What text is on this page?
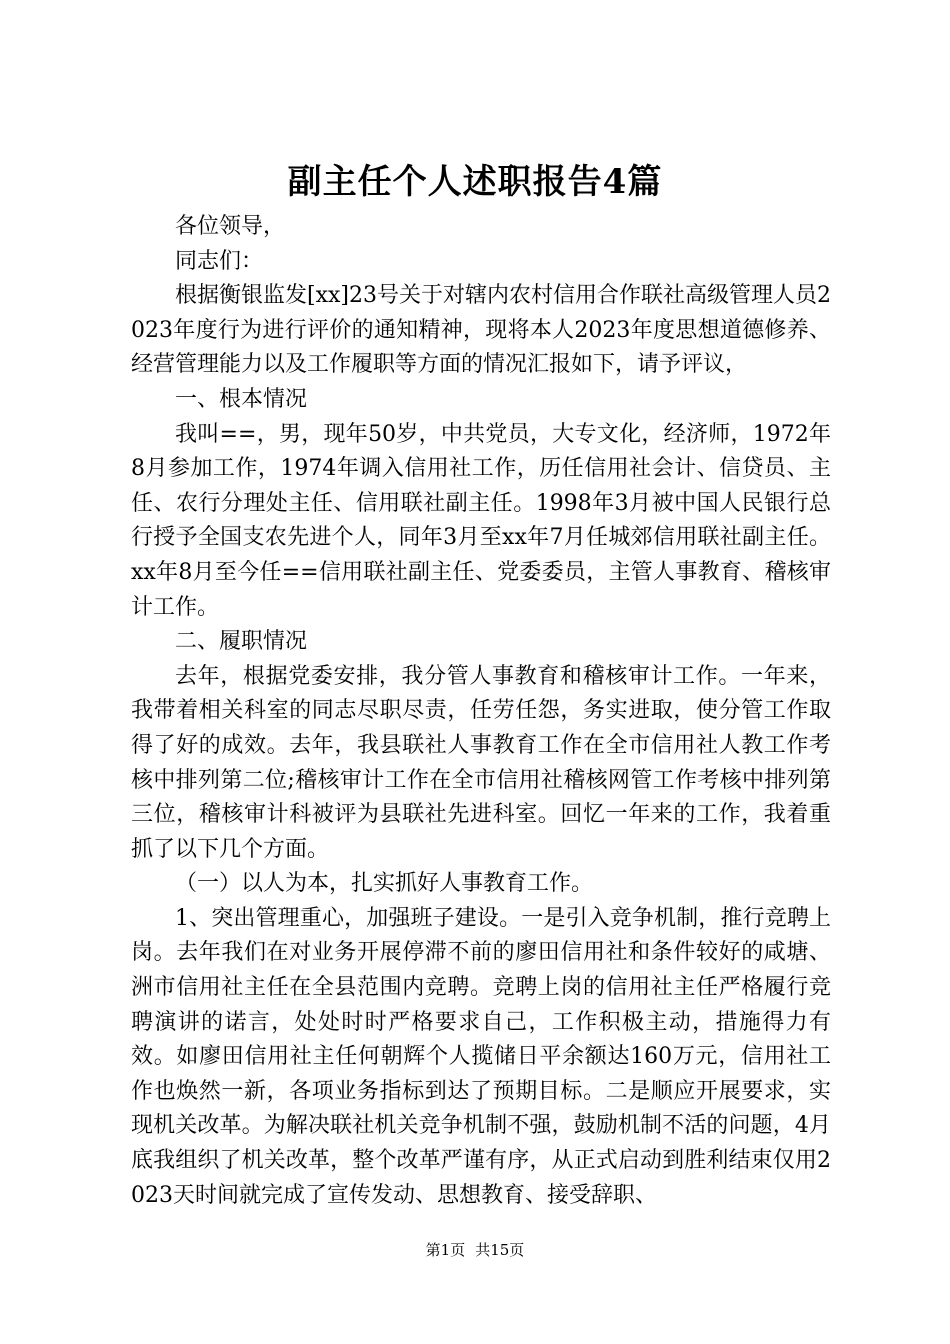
副主任个人述职报告4篇

各位领导，

同志们：

根据衡银监发[xx]23号关于对辖内农村信用合作联社高级管理人员2023年度行为进行评价的通知精神，现将本人2023年度思想道德修养、经营管理能力以及工作履职等方面的情况汇报如下，请予评议，

一、根本情况

我叫==，男，现年50岁，中共党员，大专文化，经济师，1972年8月参加工作，1974年调入信用社工作，历任信用社会计、信贷员、主任、农行分理处主任、信用联社副主任。1998年3月被中国人民银行总行授予全国支农先进个人，同年3月至xx年7月任城郊信用联社副主任。xx年8月至今任==信用联社副主任、党委委员，主管人事教育、稽核审计工作。

二、履职情况

去年，根据党委安排，我分管人事教育和稽核审计工作。一年来，我带着相关科室的同志尽职尽责，任劳任怨，务实进取，使分管工作取得了好的成效。去年，我县联社人事教育工作在全市信用社人教工作考核中排列第二位;稽核审计工作在全市信用社稽核网管工作考核中排列第三位，稽核审计科被评为县联社先进科室。回忆一年来的工作，我着重抓了以下几个方面。

（一）以人为本，扎实抓好人事教育工作。

1、突出管理重心，加强班子建设。一是引入竞争机制，推行竞聘上岗。去年我们在对业务开展停滞不前的廖田信用社和条件较好的咸塘、洲市信用社主任在全县范围内竞聘。竞聘上岗的信用社主任严格履行竞聘演讲的诺言，处处时时严格要求自己，工作积极主动，措施得力有效。如廖田信用社主任何朝辉个人揽储日平余额达160万元，信用社工作也焕然一新，各项业务指标到达了预期目标。二是顺应开展要求，实现机关改革。为解决联社机关竞争机制不强，鼓励机制不活的问题，4月底我组织了机关改革，整个改革严谨有序，从正式启动到胜利结束仅用2023天时间就完成了宣传发动、思想教育、接受辞职、

第1页 共15页
